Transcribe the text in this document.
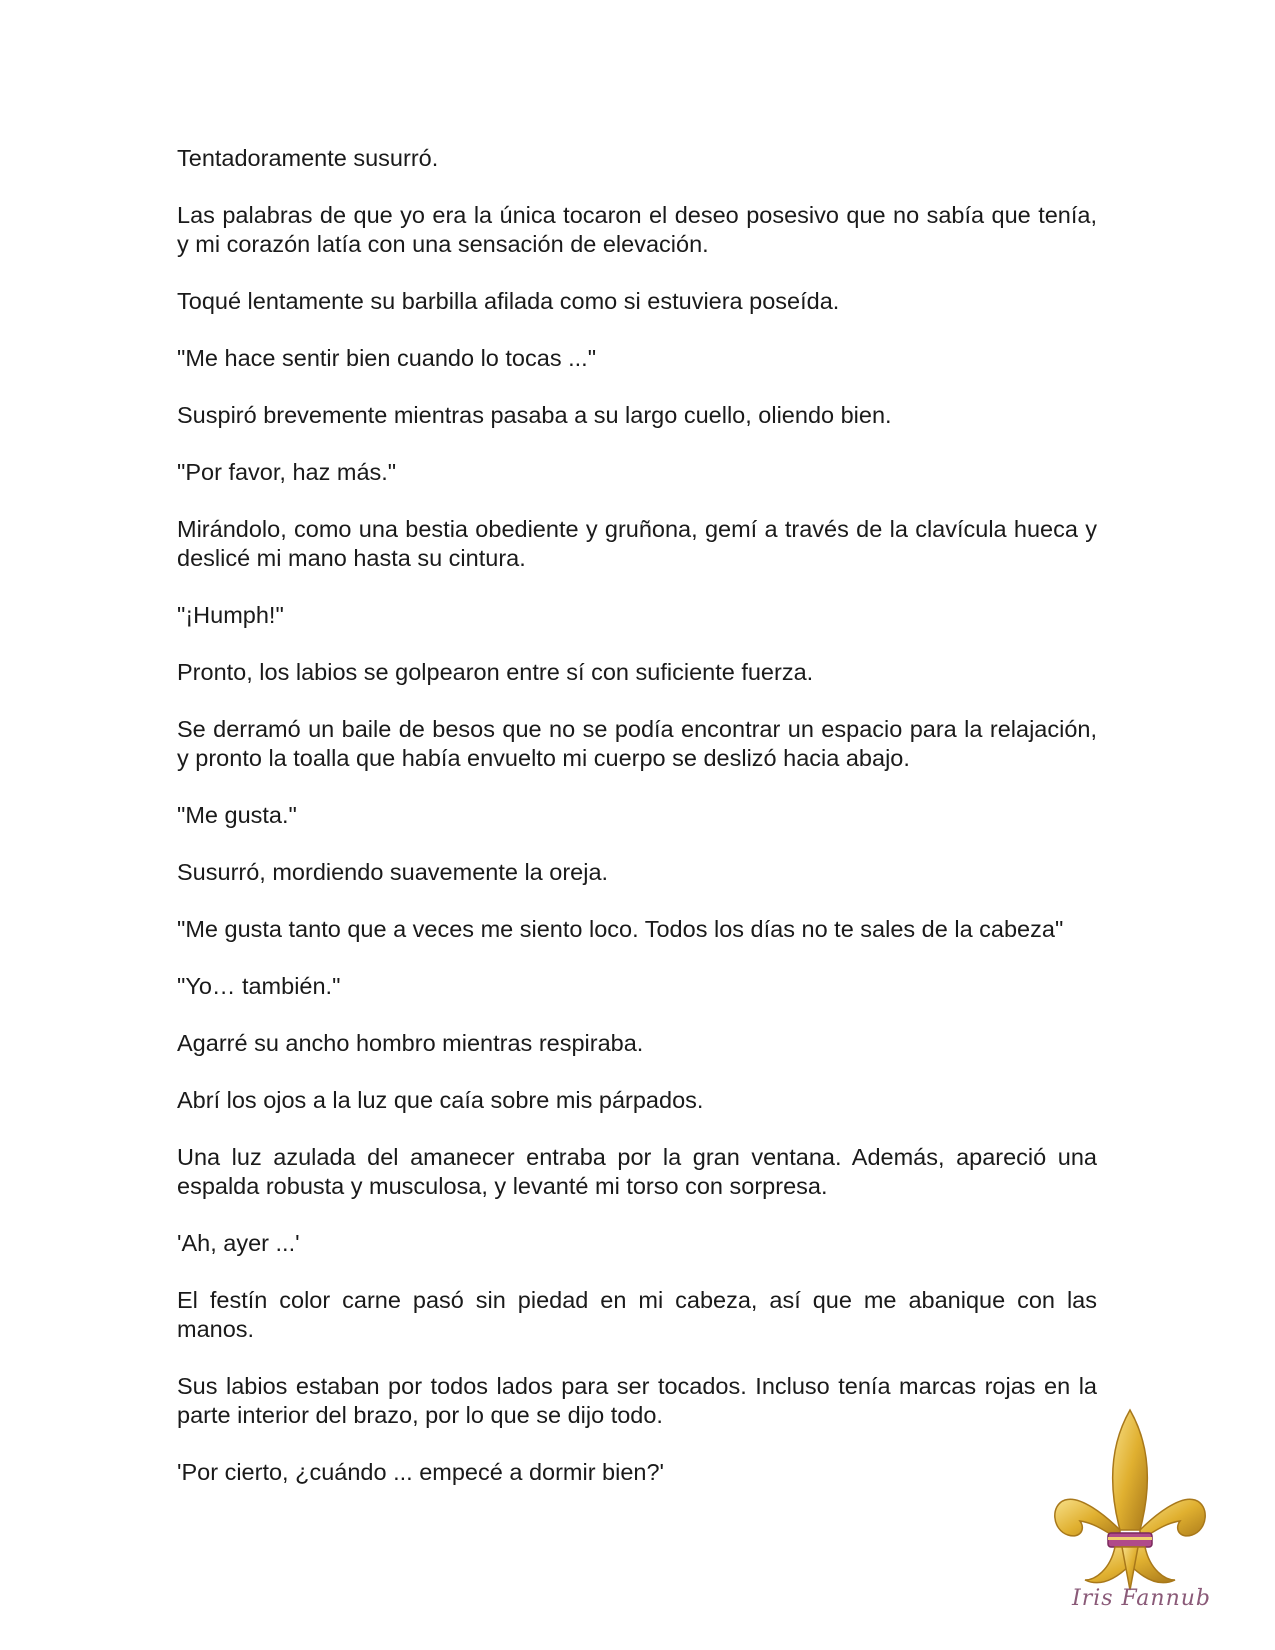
Tentadoramente susurró.

Las palabras de que yo era la única tocaron el deseo posesivo que no sabía que tenía, y mi corazón latía con una sensación de elevación.

Toqué lentamente su barbilla afilada como si estuviera poseída.

"Me hace sentir bien cuando lo tocas ..."

Suspiró brevemente mientras pasaba a su largo cuello, oliendo bien.

"Por favor, haz más."

Mirándolo, como una bestia obediente y gruñona, gemí a través de la clavícula hueca y deslicé mi mano hasta su cintura.

"¡Humph!"

Pronto, los labios se golpearon entre sí con suficiente fuerza.

Se derramó un baile de besos que no se podía encontrar un espacio para la relajación, y pronto la toalla que había envuelto mi cuerpo se deslizó hacia abajo.

"Me gusta."

Susurró, mordiendo suavemente la oreja.

"Me gusta tanto que a veces me siento loco. Todos los días no te sales de la cabeza"

"Yo… también."

Agarré su ancho hombro mientras respiraba.

Abrí los ojos a la luz que caía sobre mis párpados.

Una luz azulada del amanecer entraba por la gran ventana. Además, apareció una espalda robusta y musculosa, y levanté mi torso con sorpresa.

'Ah, ayer ...'

El festín color carne pasó sin piedad en mi cabeza, así que me abanique con las manos.

Sus labios estaban por todos lados para ser tocados. Incluso tenía marcas rojas en la parte interior del brazo, por lo que se dijo todo.

'Por cierto, ¿cuándo ... empecé a dormir bien?'

Iris Fannub
